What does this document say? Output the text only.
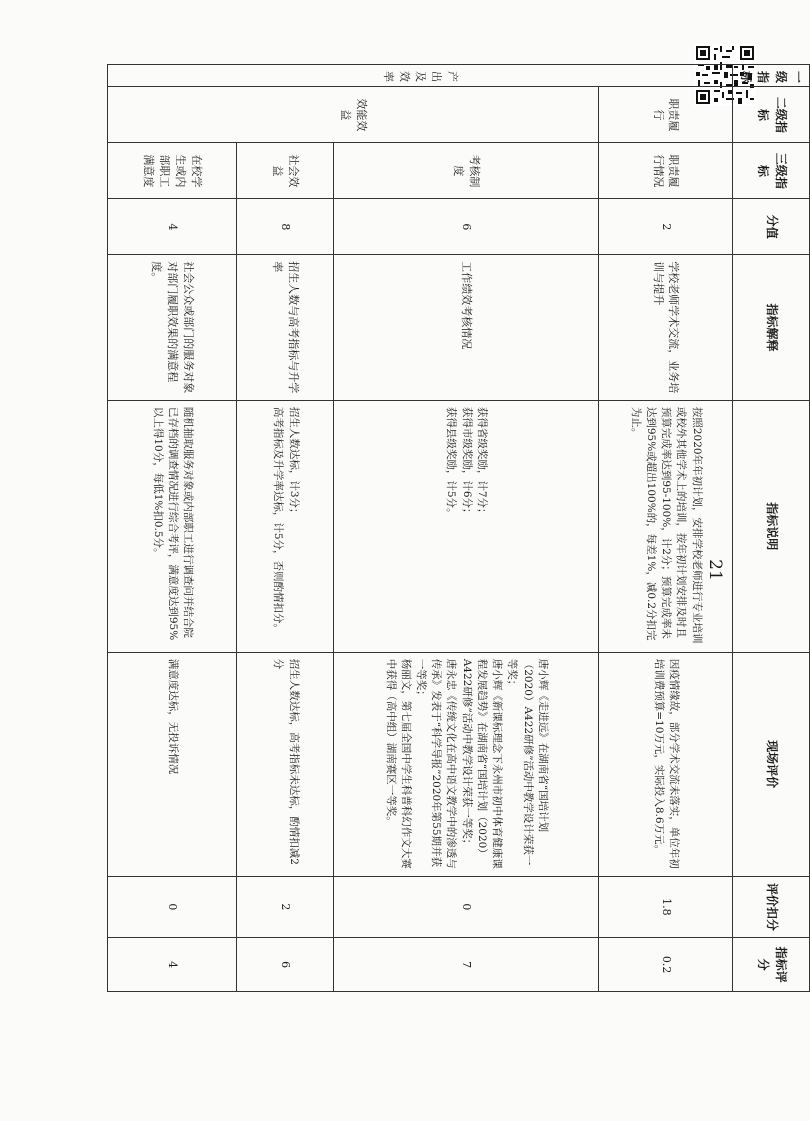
一级指标	二级指标	三级指标	分值	指标解释	指标说明	现场评价	评价扣分	指标评分
产出及效率	职责履行	职责履行情况	2	学校老师学术交流，业务培训与提升	按照2020年年初计划，安排学校老师进行专业培训或校外其他学术上的培训，按年初计划安排及时且预算完成率达到95-100%，计2分；预算完成率未达到95%或超出100%的，每差1%，减0.2分扣完为止。	因疫情缘故，部分学术交流未落实，单位年初培训费预算=10万元，实际投入8.6万元。	1.8	0.2
	效能效益	考核制度	6	工作绩效考核情况	获得省级奖励，计7分；
获得市级奖励，计6分；
获得县级奖励，计5分。	唐小辉《走进远》在湖南省“国培计划（2020）A422研修”活动中教学设计荣获一等奖；
唐小辉《新课标理念下永州市初中体育健康课程发展趋势》在湖南省“国培计划（2020）A422研修”活动中教学设计荣获一等奖；
唐永忠《传统文化在高中语文教学中的渗透与传承》发表于“科学导报”2020年第55期并获一等奖；
杨丽文，第七届全国中学生科普科幻作文大赛中获得（高中组）湖南赛区一等奖。	0	7
		社会效益	8	招生人数与高考指标与升学率	招生人数达标，计3分；
高考指标及升学率达标，计5分，否则酌情扣分。	招生人数达标，高考指标未达标，酌情扣减2分	2	6
		在校学生或内部职工满意度	4	社会公众或部门的服务对象对部门履职效果的满意程度。	随机抽取服务对象或内部职工进行调查问并结合院已存档的调查情况进行综合考评，满意度达到95%以上得10分，每低1%扣0.5分。	满意度达标，无投诉情况	0	4
21
